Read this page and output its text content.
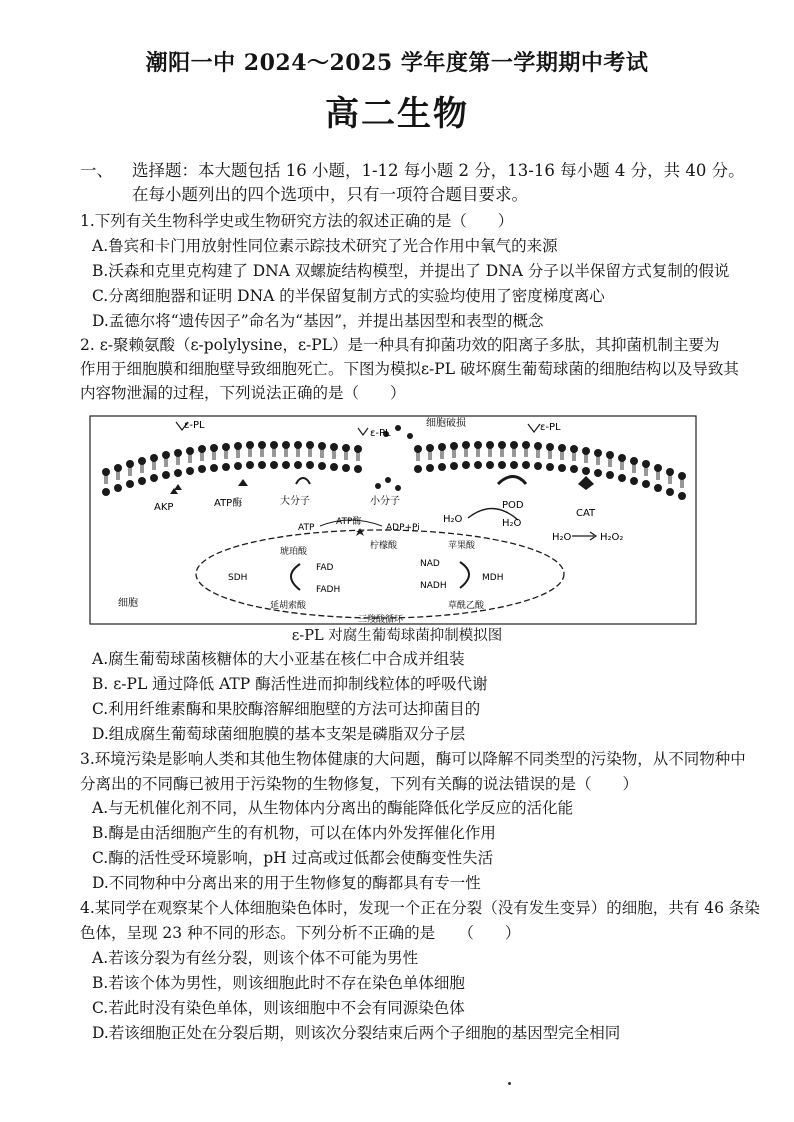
潮阳一中 2024～2025 学年度第一学期期中考试
高二生物
一、 选择题：本大题包括 16 小题，1-12 每小题 2 分，13-16 每小题 4 分，共 40 分。
在每小题列出的四个选项中，只有一项符合题目要求。
1.下列有关生物科学史或生物研究方法的叙述正确的是（　　）
A.鲁宾和卡门用放射性同位素示踪技术研究了光合作用中氧气的来源
B.沃森和克里克构建了 DNA 双螺旋结构模型，并提出了 DNA 分子以半保留方式复制的假说
C.分离细胞器和证明 DNA 的半保留复制方式的实验均使用了密度梯度离心
D.孟德尔将“遗传因子”命名为“基因”，并提出基因型和表型的概念
2. ε-聚赖氨酸（ε-polylysine，ε-PL）是一种具有抑菌功效的阳离子多肽，其抑菌机制主要为
作用于细胞膜和细胞壁导致细胞死亡。下图为模拟ε-PL 破坏腐生葡萄球菌的细胞结构以及导致其
内容物泄漏的过程，下列说法正确的是（　　）
ε-PL
ε-PL
ε-PL
细胞破损
AKP	ATP酶	大分子	小分子	POD
CAT
H₂O	H₂O
H₂O	H₂O₂
ATP
ATP酶
ADP+Pi
琥珀酸
SDH
FAD
FADH
延胡索酸
苹果酸
NAD
NADH
MDH
草酰乙酸
柠檬酸
三羧酸循环
细胞
ε-PL 对腐生葡萄球菌抑制模拟图
A.腐生葡萄球菌核糖体的大小亚基在核仁中合成并组装
B. ε-PL 通过降低 ATP 酶活性进而抑制线粒体的呼吸代谢
C.利用纤维素酶和果胶酶溶解细胞壁的方法可达抑菌目的
D.组成腐生葡萄球菌细胞膜的基本支架是磷脂双分子层
3.环境污染是影响人类和其他生物体健康的大问题，酶可以降解不同类型的污染物，从不同物种中
分离出的不同酶已被用于污染物的生物修复，下列有关酶的说法错误的是（　　）
A.与无机催化剂不同，从生物体内分离出的酶能降低化学反应的活化能
B.酶是由活细胞产生的有机物，可以在体内外发挥催化作用
C.酶的活性受环境影响，pH 过高或过低都会使酶变性失活
D.不同物种中分离出来的用于生物修复的酶都具有专一性
4.某同学在观察某个人体细胞染色体时，发现一个正在分裂（没有发生变异）的细胞，共有 46 条染
色体，呈现 23 种不同的形态。下列分析不正确的是　　（　　）
A.若该分裂为有丝分裂，则该个体不可能为男性
B.若该个体为男性，则该细胞此时不存在染色单体细胞
C.若此时没有染色单体，则该细胞中不会有同源染色体
D.若该细胞正处在分裂后期，则该次分裂结束后两个子细胞的基因型完全相同
